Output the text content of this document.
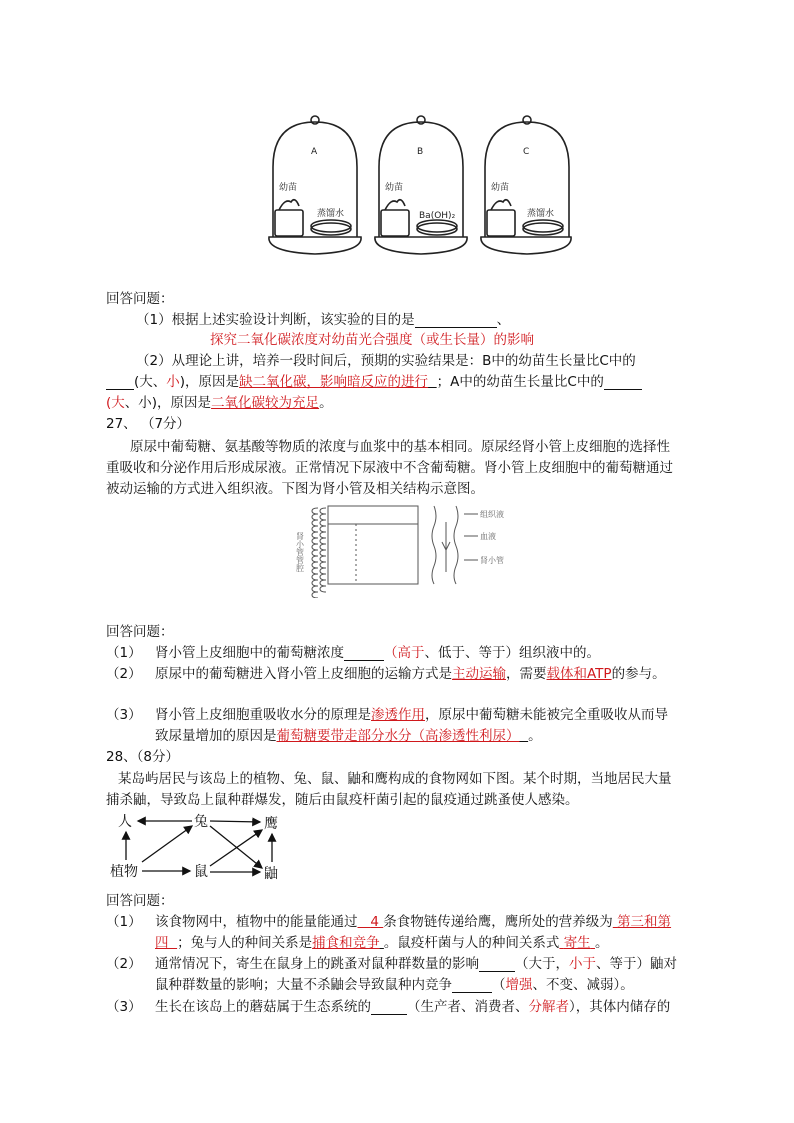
A
幼苗
蒸馏水
B
幼苗
Ba(OH)₂
C
幼苗
蒸馏水
回答问题：
（1）根据上述实验设计判断，该实验的目的是	、
探究二氧化碳浓度对幼苗光合强度（或生长量）的影响
（2）从理论上讲，培养一段时间后，预期的实验结果是：B中的幼苗生长量比C中的
(大、小)，原因是缺二氧化碳，影响暗反应的进行 ；A中的幼苗生长量比C中的
(大、小)，原因是二氧化碳较为充足。
27、 （7分）
原尿中葡萄糖、氨基酸等物质的浓度与血浆中的基本相同。原尿经肾小管上皮细胞的选择性
重吸收和分泌作用后形成尿液。正常情况下尿液中不含葡萄糖。肾小管上皮细胞中的葡萄糖通过
被动运输的方式进入组织液。下图为肾小管及相关结构示意图。
肾小管管腔
组织液
血液
肾小管
回答问题：
（1） 肾小管上皮细胞中的葡萄糖浓度	（高于、低于、等于）组织液中的。
（2） 原尿中的葡萄糖进入肾小管上皮细胞的运输方式是主动运输，需要载体和ATP的参与。
（3） 肾小管上皮细胞重吸收水分的原理是渗透作用，原尿中葡萄糖未能被完全重吸收从而导
致尿量增加的原因是葡萄糖要带走部分水分（高渗透性利尿） 。
28、（8分）
某岛屿居民与该岛上的植物、兔、鼠、鼬和鹰构成的食物网如下图。某个时期，当地居民大量
捕杀鼬，导致岛上鼠种群爆发，随后由鼠疫杆菌引起的鼠疫通过跳蚤使人感染。
人	兔	鹰
植物	鼠	鼬
回答问题：
（1） 该食物网中，植物中的能量能通过 4 条食物链传递给鹰，鹰所处的营养级为 第三和第
四 ；兔与人的种间关系是捕食和竞争 。鼠疫杆菌与人的种间关系式 寄生 。
（2） 通常情况下，寄生在鼠身上的跳蚤对鼠种群数量的影响	（大于，小于、等于）鼬对
鼠种群数量的影响；大量不杀鼬会导致鼠种内竞争	（增强、不变、减弱）。
（3） 生长在该岛上的蘑菇属于生态系统的	（生产者、消费者、分解者），其体内储存的
